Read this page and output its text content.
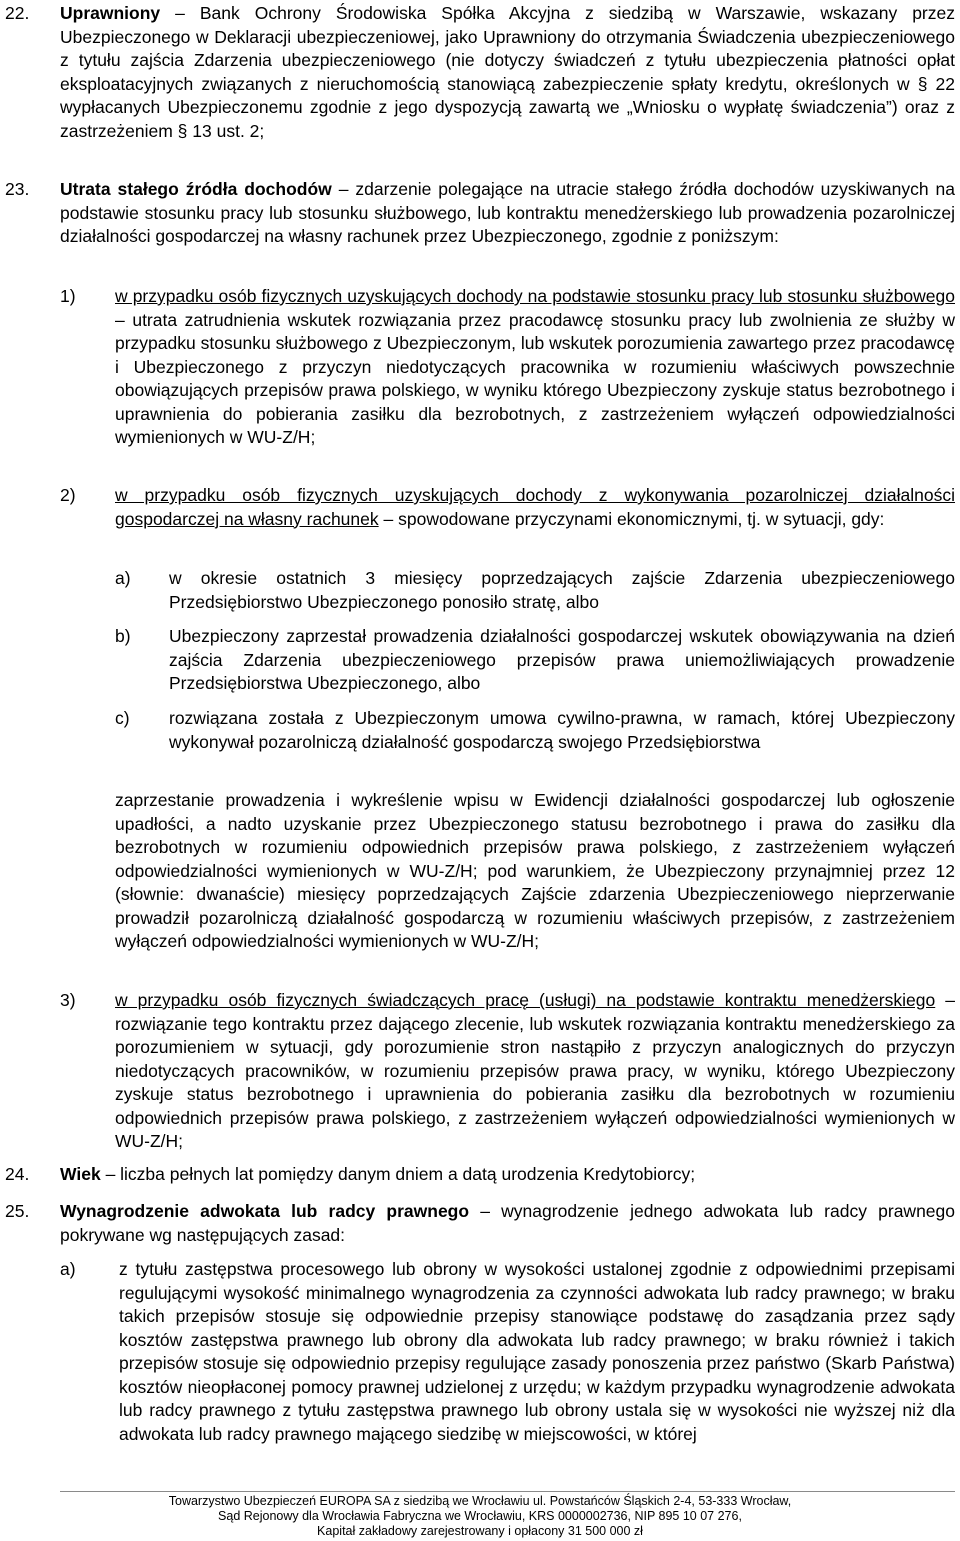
22. Uprawniony – Bank Ochrony Środowiska Spółka Akcyjna z siedzibą w Warszawie, wskazany przez Ubezpieczonego w Deklaracji ubezpieczeniowej, jako Uprawniony do otrzymania Świadczenia ubezpieczeniowego z tytułu zajścia Zdarzenia ubezpieczeniowego (nie dotyczy świadczeń z tytułu ubezpieczenia płatności opłat eksploatacyjnych związanych z nieruchomością stanowiącą zabezpieczenie spłaty kredytu, określonych w § 22 wypłacanych Ubezpieczonemu zgodnie z jego dyspozycją zawartą we „Wniosku o wypłatę świadczenia”) oraz z zastrzeżeniem § 13 ust. 2;
23. Utrata stałego źródła dochodów – zdarzenie polegające na utracie stałego źródła dochodów uzyskiwanych na podstawie stosunku pracy lub stosunku służbowego, lub kontraktu menedżerskiego lub prowadzenia pozarolniczej działalności gospodarczej na własny rachunek przez Ubezpieczonego, zgodnie z poniższym:
1) w przypadku osób fizycznych uzyskujących dochody na podstawie stosunku pracy lub stosunku służbowego – utrata zatrudnienia wskutek rozwiązania przez pracodawcę stosunku pracy lub zwolnienia ze służby w przypadku stosunku służbowego z Ubezpieczonym, lub wskutek porozumienia zawartego przez pracodawcę i Ubezpieczonego z przyczyn niedotyczących pracownika w rozumieniu właściwych powszechnie obowiązujących przepisów prawa polskiego, w wyniku którego Ubezpieczony zyskuje status bezrobotnego i uprawnienia do pobierania zasiłku dla bezrobotnych, z zastrzeżeniem wyłączeń odpowiedzialności wymienionych w WU-Z/H;
2) w przypadku osób fizycznych uzyskujących dochody z wykonywania pozarolniczej działalności gospodarczej na własny rachunek – spowodowane przyczynami ekonomicznymi, tj. w sytuacji, gdy:
a) w okresie ostatnich 3 miesięcy poprzedzających zajście Zdarzenia ubezpieczeniowego Przedsiębiorstwo Ubezpieczonego ponosiło stratę, albo
b) Ubezpieczony zaprzestał prowadzenia działalności gospodarczej wskutek obowiązywania na dzień zajścia Zdarzenia ubezpieczeniowego przepisów prawa uniemożliwiających prowadzenie Przedsiębiorstwa Ubezpieczonego, albo
c) rozwiązana została z Ubezpieczonym umowa cywilno-prawna, w ramach, której Ubezpieczony wykonywał pozarolniczą działalność gospodarczą swojego Przedsiębiorstwa
zaprzestanie prowadzenia i wykreślenie wpisu w Ewidencji działalności gospodarczej lub ogłoszenie upadłości, a nadto uzyskanie przez Ubezpieczonego statusu bezrobotnego i prawa do zasiłku dla bezrobotnych w rozumieniu odpowiednich przepisów prawa polskiego, z zastrzeżeniem wyłączeń odpowiedzialności wymienionych w WU-Z/H; pod warunkiem, że Ubezpieczony przynajmniej przez 12 (słownie: dwanaście) miesięcy poprzedzających Zajście zdarzenia Ubezpieczeniowego nieprzerwanie prowadził pozarolniczą działalność gospodarczą w rozumieniu właściwych przepisów, z zastrzeżeniem wyłączeń odpowiedzialności wymienionych w WU-Z/H;
3) w przypadku osób fizycznych świadczących pracę (usługi) na podstawie kontraktu menedżerskiego – rozwiązanie tego kontraktu przez dającego zlecenie, lub wskutek rozwiązania kontraktu menedżerskiego za porozumieniem w sytuacji, gdy porozumienie stron nastąpiło z przyczyn analogicznych do przyczyn niedotyczących pracowników, w rozumieniu przepisów prawa pracy, w wyniku, którego Ubezpieczony zyskuje status bezrobotnego i uprawnienia do pobierania zasiłku dla bezrobotnych w rozumieniu odpowiednich przepisów prawa polskiego, z zastrzeżeniem wyłączeń odpowiedzialności wymienionych w WU-Z/H;
24. Wiek – liczba pełnych lat pomiędzy danym dniem a datą urodzenia Kredytobiorcy;
25. Wynagrodzenie adwokata lub radcy prawnego – wynagrodzenie jednego adwokata lub radcy prawnego pokrywane wg następujących zasad:
a) z tytułu zastępstwa procesowego lub obrony w wysokości ustalonej zgodnie z odpowiednimi przepisami regulującymi wysokość minimalnego wynagrodzenia za czynności adwokata lub radcy prawnego; w braku takich przepisów stosuje się odpowiednie przepisy stanowiące podstawę do zasądzania przez sądy kosztów zastępstwa prawnego lub obrony dla adwokata lub radcy prawnego; w braku również i takich przepisów stosuje się odpowiednio przepisy regulujące zasady ponoszenia przez państwo (Skarb Państwa) kosztów nieopłaconej pomocy prawnej udzielonej z urzędu; w każdym przypadku wynagrodzenie adwokata lub radcy prawnego z tytułu zastępstwa prawnego lub obrony ustala się w wysokości nie wyższej niż dla adwokata lub radcy prawnego mającego siedzibę w miejscowości, w której
Towarzystwo Ubezpieczeń EUROPA SA z siedzibą we Wrocławiu ul. Powstańców Śląskich 2-4, 53-333 Wrocław,
Sąd Rejonowy dla Wrocławia Fabryczna we Wrocławiu, KRS 0000002736, NIP 895 10 07 276,
Kapitał zakładowy zarejestrowany i opłacony 31 500 000 zł
